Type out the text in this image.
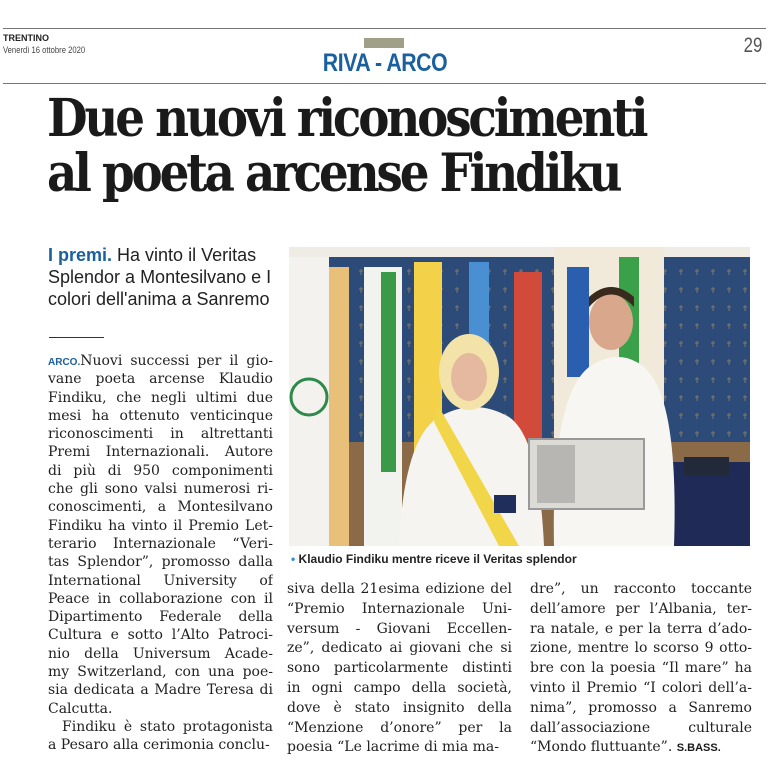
TRENTINO
Venerdì 16 ottobre 2020	RIVA - ARCO
29
Due nuovi riconoscimenti
al poeta arcense Findiku
I premi. Ha vinto il Veritas Splendor a Montesilvano e I colori dell'anima a Sanremo
ARCO.Nuovi successi per il gio-
vane poeta arcense Klaudio
Findiku, che negli ultimi due
mesi ha ottenuto venticinque
riconoscimenti in altrettanti
Premi Internazionali. Autore
di più di 950 componimenti
che gli sono valsi numerosi ri-
conoscimenti, a Montesilvano
Findiku ha vinto il Premio Let-
terario Internazionale “Veri-
tas Splendor”, promosso dalla
International University of
Peace in collaborazione con il
Dipartimento Federale della
Cultura e sotto l’Alto Patroci-
nio della Universum Acade-
my Switzerland, con una poe-
sia dedicata a Madre Teresa di
Calcutta.
Findiku è stato protagonista
a Pesaro alla cerimonia conclu-
siva della 21esima edizione del
“Premio Internazionale Uni-
versum - Giovani Eccellen-
ze”, dedicato ai giovani che si
sono particolarmente distinti
in ogni campo della società,
dove è stato insignito della
“Menzione d’onore” per la
poesia “Le lacrime di mia ma-
dre”, un racconto toccante
dell’amore per l’Albania, ter-
ra natale, e per la terra d’ado-
zione, mentre lo scorso 9 otto-
bre con la poesia “Il mare” ha
vinto il Premio “I colori dell’a-
nima”, promosso a Sanremo
dall’associazione culturale
“Mondo fluttuante”. S.BASS.
• Klaudio Findiku mentre riceve il Veritas splendor
